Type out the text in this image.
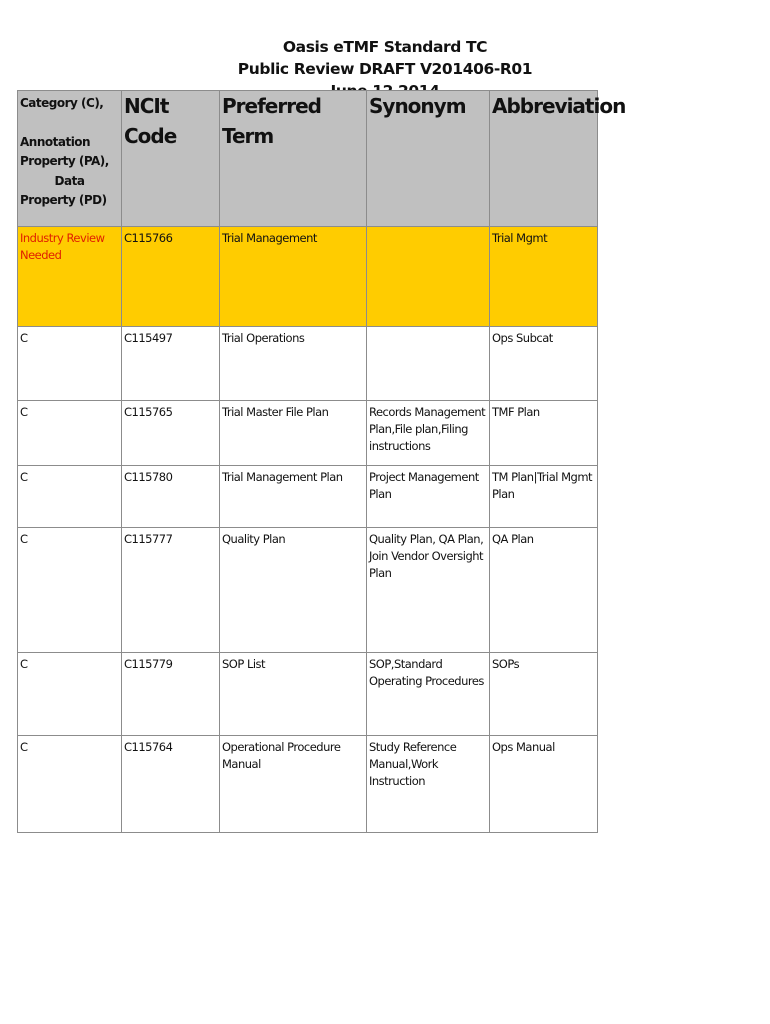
Oasis eTMF Standard TC
Public Review DRAFT V201406-R01
Category (C),
Annotation
Property (PA),
Data
Property (PD)	NCIt Code	Preferred Term	Synonym	Abbreviation
Industry Review Needed	C115766	Trial Management		Trial Mgmt
C	C115497	Trial Operations		Ops Subcat
C	C115765	Trial Master File Plan	Records Management Plan,File plan,Filing instructions	TMF Plan
C	C115780	Trial Management Plan	Project Management Plan	TM Plan|Trial Mgmt Plan
C	C115777	Quality Plan	Quality Plan, QA Plan, Join Vendor Oversight Plan	QA Plan
C	C115779	SOP List	SOP,Standard Operating Procedures	SOPs
C	C115764	Operational Procedure Manual	Study Reference Manual,Work Instruction	Ops Manual
